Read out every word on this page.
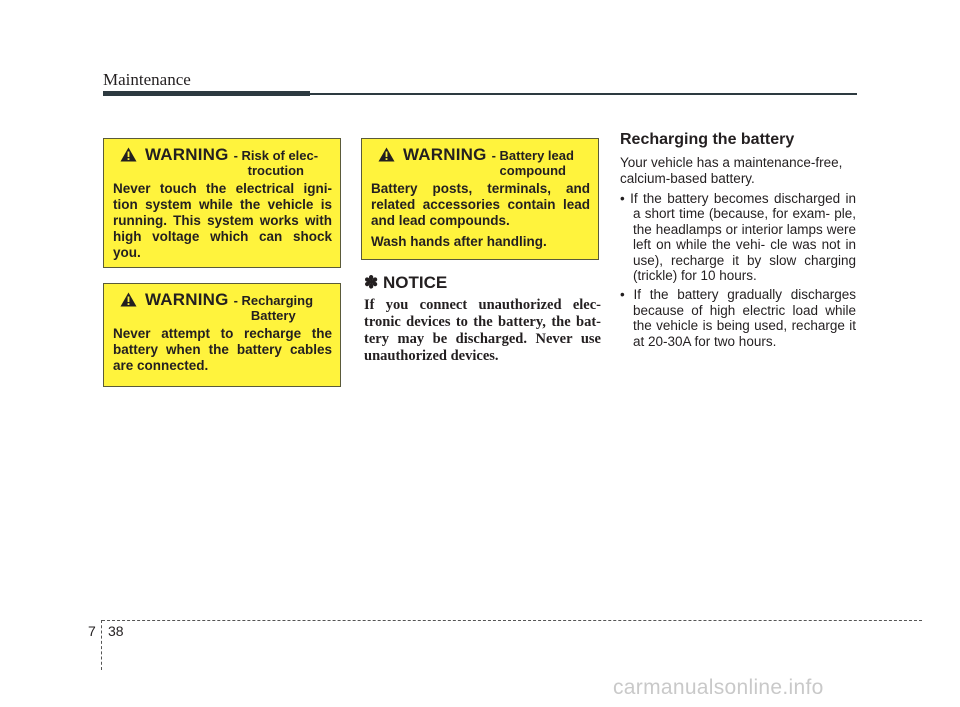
Maintenance
WARNING - Risk of elec-
trocution

Never touch the electrical igni- tion system while the vehicle is running. This system works with high voltage which can shock you.

WARNING - Recharging
Battery

Never attempt to recharge the battery when the battery cables are connected.

WARNING - Battery lead
compound

Battery posts, terminals, and related accessories contain lead and lead compounds.

Wash hands after handling.

✽ NOTICE
If you connect unauthorized elec- tronic devices to the battery, the bat- tery may be discharged. Never use unauthorized devices.
Recharging the battery

Your vehicle has a maintenance-free, calcium-based battery.

• If the battery becomes discharged in a short time (because, for exam- ple, the headlamps or interior lamps were left on while the vehi- cle was not in use), recharge it by slow charging (trickle) for 10 hours.

• If the battery gradually discharges because of high electric load while the vehicle is being used, recharge it at 20-30A for two hours.

7 38
carmanualsonline.info
